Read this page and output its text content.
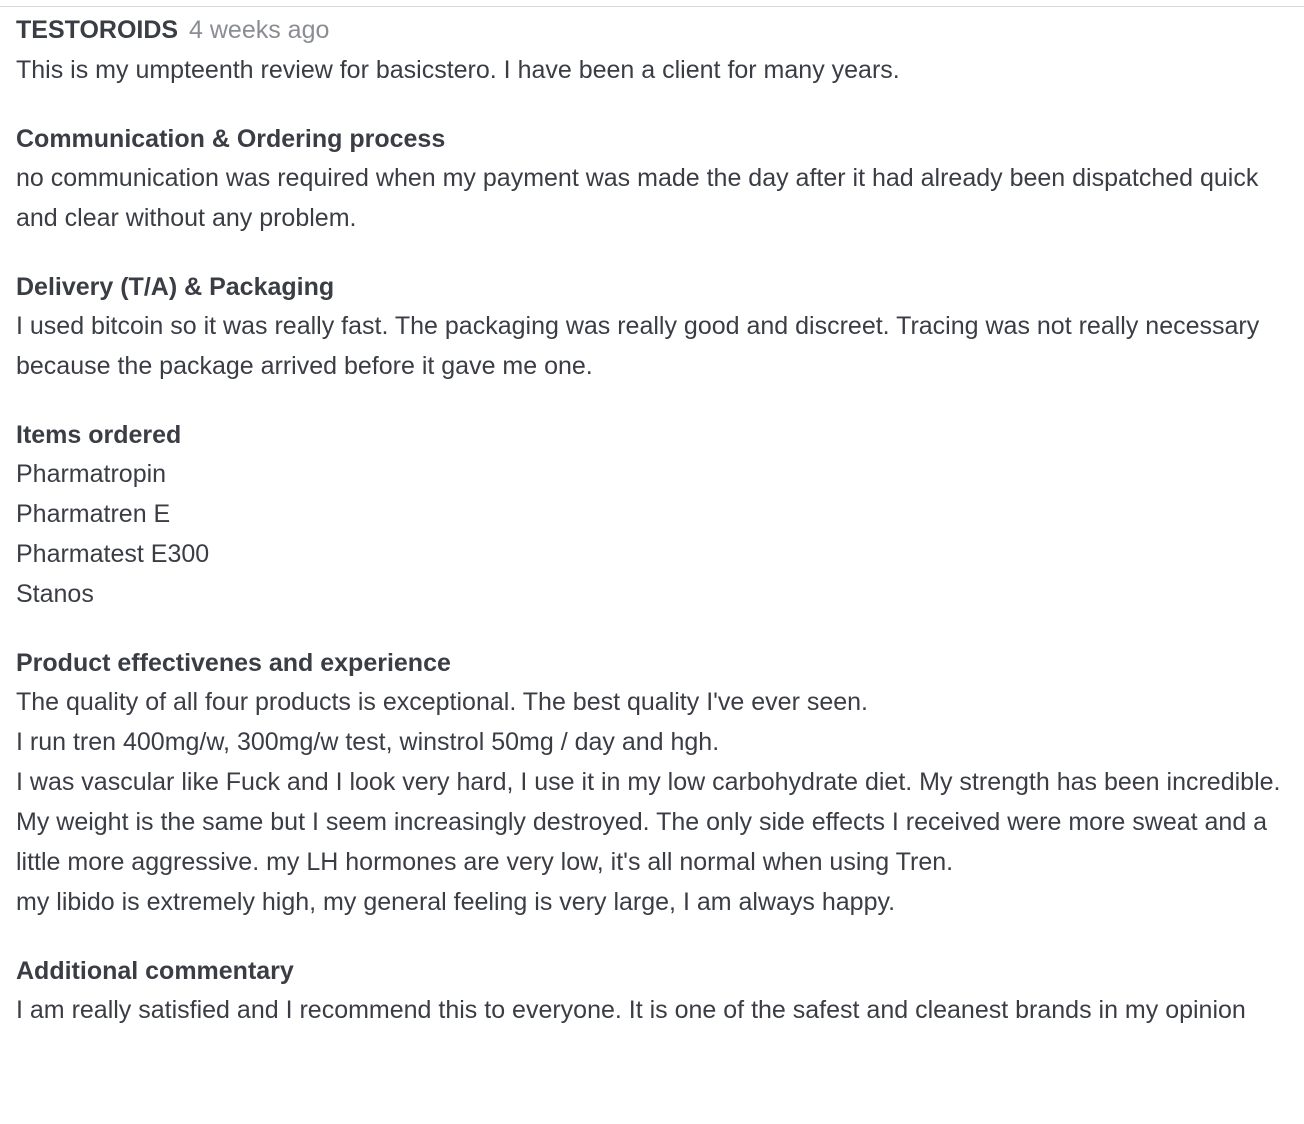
TESTOROIDS 4 weeks ago

This is my umpteenth review for basicstero. I have been a client for many years.

Communication & Ordering process

no communication was required when my payment was made the day after it had already been dispatched quick and clear without any problem.

Delivery (T/A) & Packaging

I used bitcoin so it was really fast. The packaging was really good and discreet. Tracing was not really necessary because the package arrived before it gave me one.

Items ordered

Pharmatropin
Pharmatren E
Pharmatest E300
Stanos

Product effectivenes and experience

The quality of all four products is exceptional. The best quality I've ever seen.

I run tren 400mg/w, 300mg/w test, winstrol 50mg / day and hgh.

I was vascular like Fuck and I look very hard, I use it in my low carbohydrate diet. My strength has been incredible. My weight is the same but I seem increasingly destroyed. The only side effects I received were more sweat and a little more aggressive. my LH hormones are very low, it's all normal when using Tren.

my libido is extremely high, my general feeling is very large, I am always happy.

Additional commentary

I am really satisfied and I recommend this to everyone. It is one of the safest and cleanest brands in my opinion
